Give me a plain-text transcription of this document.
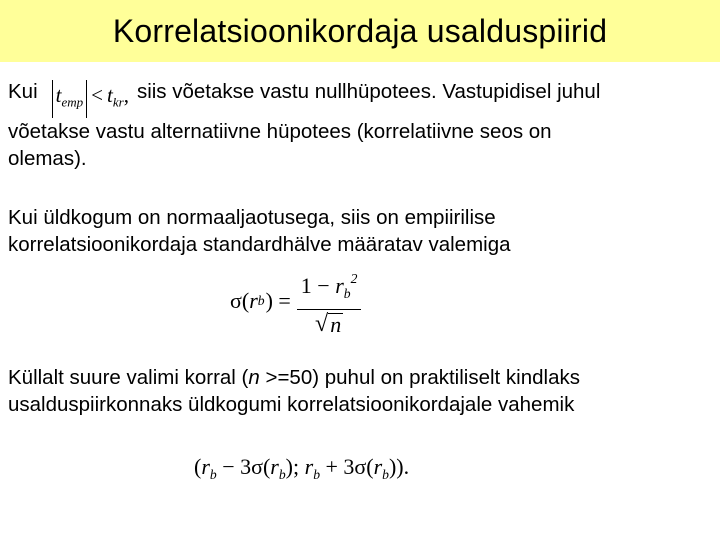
Korrelatsioonikordaja usalduspiirid
Kui $t_{emp} < t_{kr}$, siis võetakse vastu nullhüpotees. Vastupidisel juhul
võetakse vastu alternatiivne hüpotees (korrelatiivne seos on
olemas).
Kui üldkogum on normaaljaotusega, siis on empiirilise
korrelatsioonikordaja standardhälve määratav valemiga
σ ( r b ) = $\frac{1 - r_b^2}{√ n}$
Küllalt suure valimi korral (n >=50) puhul on praktiliselt kindlaks
usalduspiirkonnaks üldkogumi korrelatsioonikordajale vahemik
($r_b - 3\sigma(r_b)$; $r_b + 3\sigma(r_b)$).
